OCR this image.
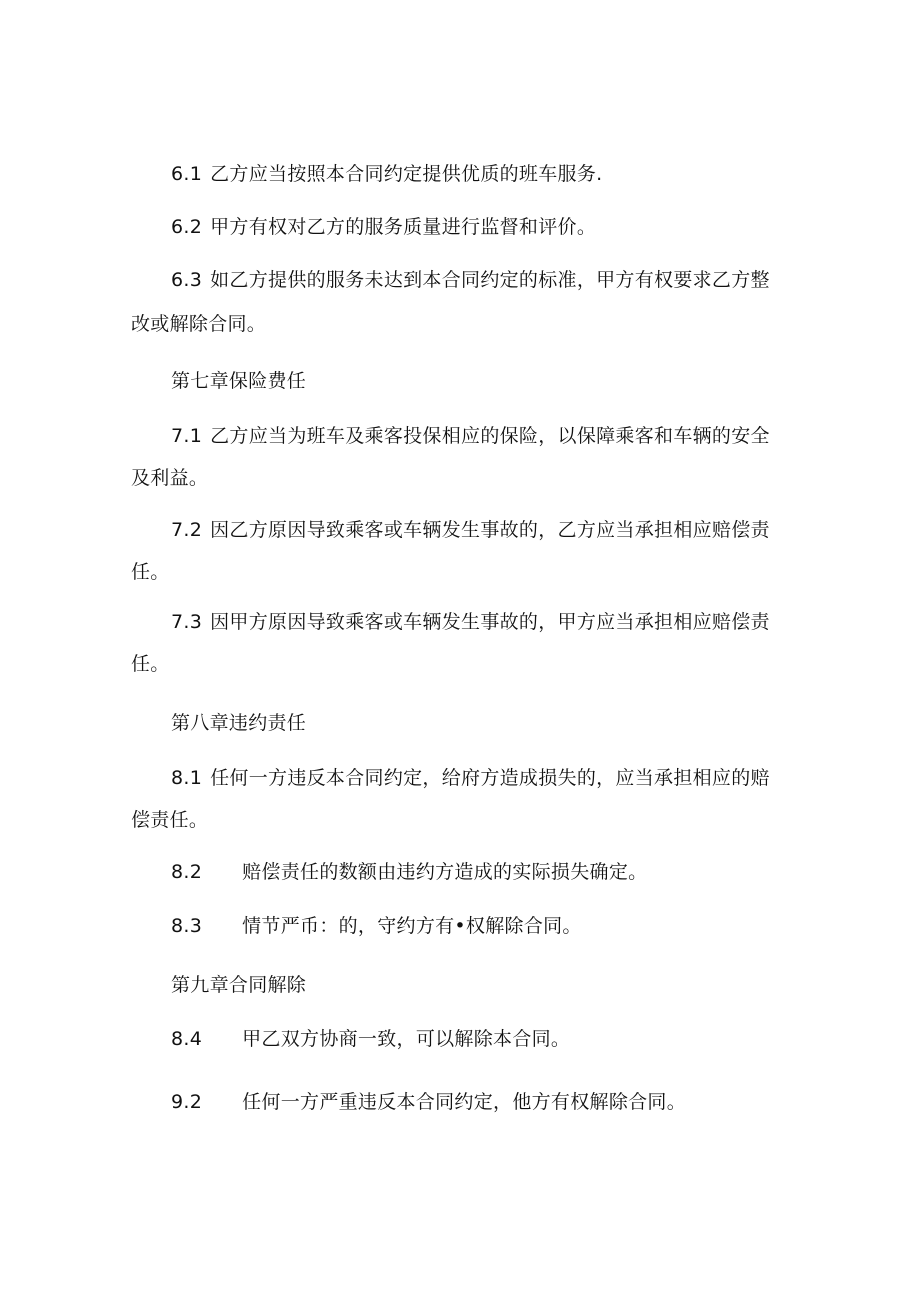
6.1 乙方应当按照本合同约定提供优质的班车服务.
6.2 甲方有权对乙方的服务质量进行监督和评价。
6.3 如乙方提供的服务未达到本合同约定的标准，甲方有权要求乙方整
改或解除合同。
第七章保险费任
7.1 乙方应当为班车及乘客投保相应的保险，以保障乘客和车辆的安全
及利益。
7.2 因乙方原因导致乘客或车辆发生事故的，乙方应当承担相应赔偿责
任。
7.3 因甲方原因导致乘客或车辆发生事故的，甲方应当承担相应赔偿责
任。
第八章违约责任
8.1 任何一方违反本合同约定，给府方造成损失的，应当承担相应的赔
偿责任。
8.2 赔偿责任的数额由违约方造成的实际损失确定。
8.3 情节严币：的，守约方有•权解除合同。
第九章合同解除
8.4 甲乙双方协商一致，可以解除本合同。
9.2 任何一方严重违反本合同约定，他方有权解除合同。
